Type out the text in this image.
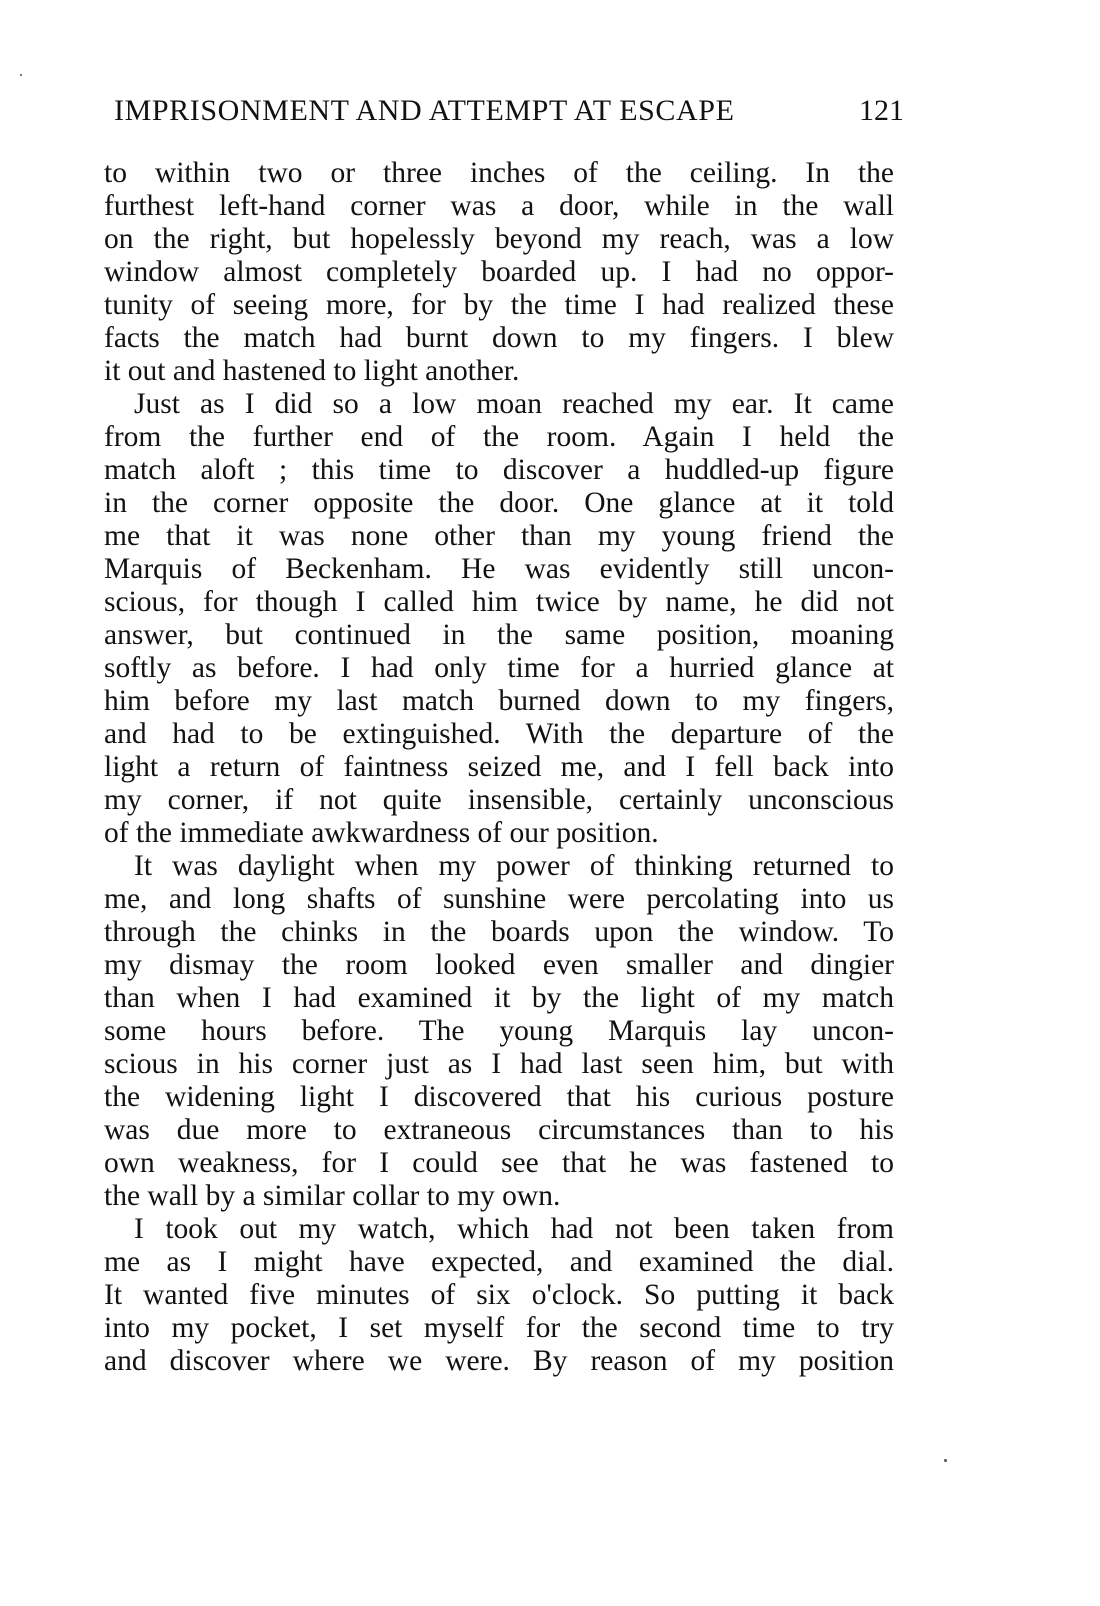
IMPRISONMENT AND ATTEMPT AT ESCAPE	121
to within two or three inches of the ceiling. In the
furthest left-hand corner was a door, while in the wall
on the right, but hopelessly beyond my reach, was a low
window almost completely boarded up. I had no oppor-
tunity of seeing more, for by the time I had realized these
facts the match had burnt down to my fingers. I blew
it out and hastened to light another.
Just as I did so a low moan reached my ear. It came
from the further end of the room. Again I held the
match aloft ; this time to discover a huddled-up figure
in the corner opposite the door. One glance at it told
me that it was none other than my young friend the
Marquis of Beckenham. He was evidently still uncon-
scious, for though I called him twice by name, he did not
answer, but continued in the same position, moaning
softly as before. I had only time for a hurried glance at
him before my last match burned down to my fingers,
and had to be extinguished. With the departure of the
light a return of faintness seized me, and I fell back into
my corner, if not quite insensible, certainly unconscious
of the immediate awkwardness of our position.
It was daylight when my power of thinking returned to
me, and long shafts of sunshine were percolating into us
through the chinks in the boards upon the window. To
my dismay the room looked even smaller and dingier
than when I had examined it by the light of my match
some hours before. The young Marquis lay uncon-
scious in his corner just as I had last seen him, but with
the widening light I discovered that his curious posture
was due more to extraneous circumstances than to his
own weakness, for I could see that he was fastened to
the wall by a similar collar to my own.
I took out my watch, which had not been taken from
me as I might have expected, and examined the dial.
It wanted five minutes of six o'clock. So putting it back
into my pocket, I set myself for the second time to try
and discover where we were. By reason of my position
